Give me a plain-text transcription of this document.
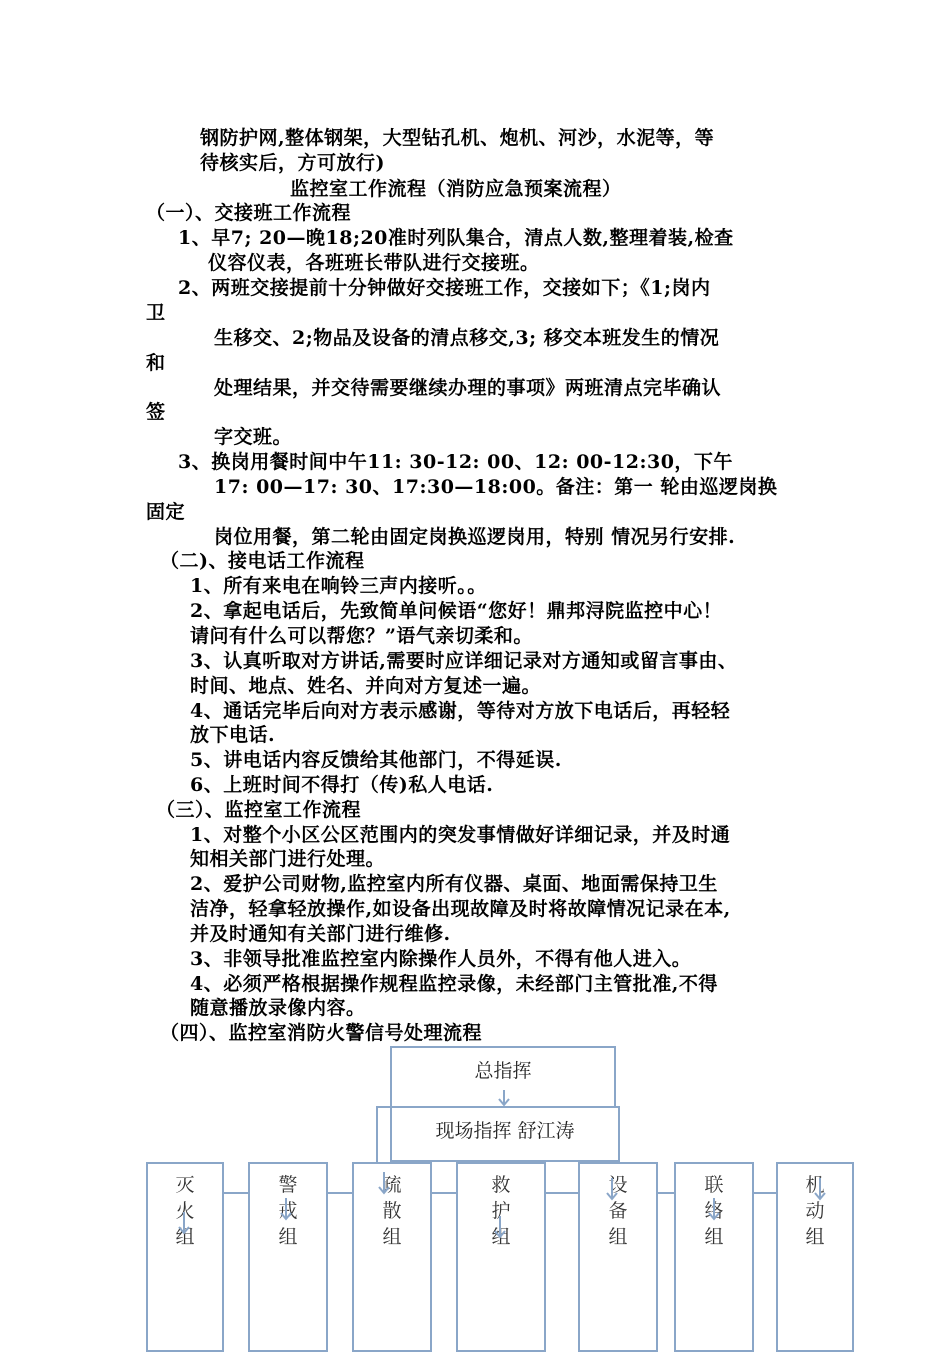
钢防护网,整体钢架，大型钻孔机、炮机、河沙，水泥等，等
待核实后，方可放行)
监控室工作流程（消防应急预案流程）
（一）、交接班工作流程
1、早7; 20—晚18;20准时列队集合，清点人数,整理着装,检查
仪容仪表，各班班长带队进行交接班。
2、两班交接提前十分钟做好交接班工作，交接如下；《1;岗内
卫
生移交、2;物品及设备的清点移交,3; 移交本班发生的情况
和
处理结果，并交待需要继续办理的事项》两班清点完毕确认
签
字交班。
3、换岗用餐时间中午11: 30-12: 00、12: 00-12:30，下午
17: 00—17: 30、17:30—18:00。备注：第一 轮由巡逻岗换
固定
岗位用餐，第二轮由固定岗换巡逻岗用，特别 情况另行安排.
（二)、接电话工作流程
1、所有来电在响铃三声内接听。。
2、拿起电话后，先致简单问候语“您好！鼎邦浔院监控中心！
请问有什么可以帮您？”语气亲切柔和。
3、认真听取对方讲话,需要时应详细记录对方通知或留言事由、
时间、地点、姓名、并向对方复述一遍。
4、通话完毕后向对方表示感谢，等待对方放下电话后，再轻轻
放下电话.
5、讲电话内容反馈给其他部门，不得延误.
6、上班时间不得打（传)私人电话.
（三）、监控室工作流程
1、对整个小区公区范围内的突发事情做好详细记录，并及时通
知相关部门进行处理。
2、爱护公司财物,监控室内所有仪器、桌面、地面需保持卫生
洁净，轻拿轻放操作,如设备出现故障及时将故障情况记录在本,
并及时通知有关部门进行维修.
3、非领导批准监控室内除操作人员外，不得有他人进入。
4、必须严格根据操作规程监控录像，未经部门主管批准,不得
随意播放录像内容。
（四）、监控室消防火警信号处理流程
总指挥
现场指挥 舒江涛
灭
火
组
警
戒
组
疏
散
组
救
护
组
设
备
组
联
络
组
机
动
组
